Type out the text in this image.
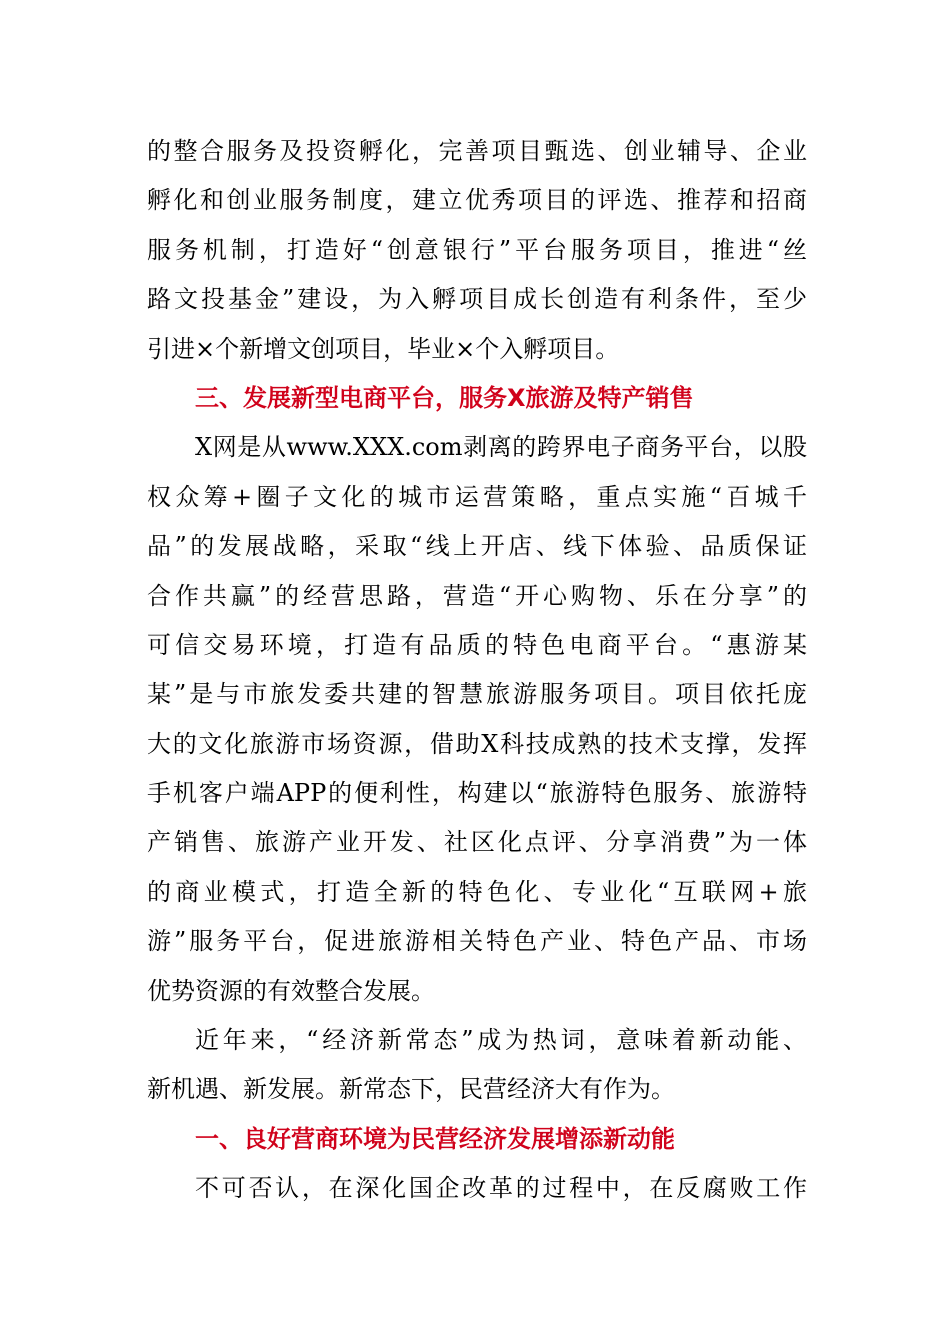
的整合服务及投资孵化，完善项目甄选、创业辅导、企业
孵化和创业服务制度，建立优秀项目的评选、推荐和招商
服务机制，打造好“创意银行”平台服务项目，推进“丝
路文投基金”建设，为入孵项目成长创造有利条件，至少
引进×个新增文创项目，毕业×个入孵项目。
三、发展新型电商平台，服务X旅游及特产销售
X网是从www.XXX.com剥离的跨界电子商务平台，以股
权众筹+圈子文化的城市运营策略，重点实施“百城千
品”的发展战略，采取“线上开店、线下体验、品质保证
合作共赢”的经营思路，营造“开心购物、乐在分享”的
可信交易环境，打造有品质的特色电商平台。“惠游某
某”是与市旅发委共建的智慧旅游服务项目。项目依托庞
大的文化旅游市场资源，借助X科技成熟的技术支撑，发挥
手机客户端APP的便利性，构建以“旅游特色服务、旅游特
产销售、旅游产业开发、社区化点评、分享消费”为一体
的商业模式，打造全新的特色化、专业化“互联网+旅
游”服务平台，促进旅游相关特色产业、特色产品、市场
优势资源的有效整合发展。
近年来，“经济新常态”成为热词，意味着新动能、
新机遇、新发展。新常态下，民营经济大有作为。
一、良好营商环境为民营经济发展增添新动能
不可否认，在深化国企改革的过程中，在反腐败工作
